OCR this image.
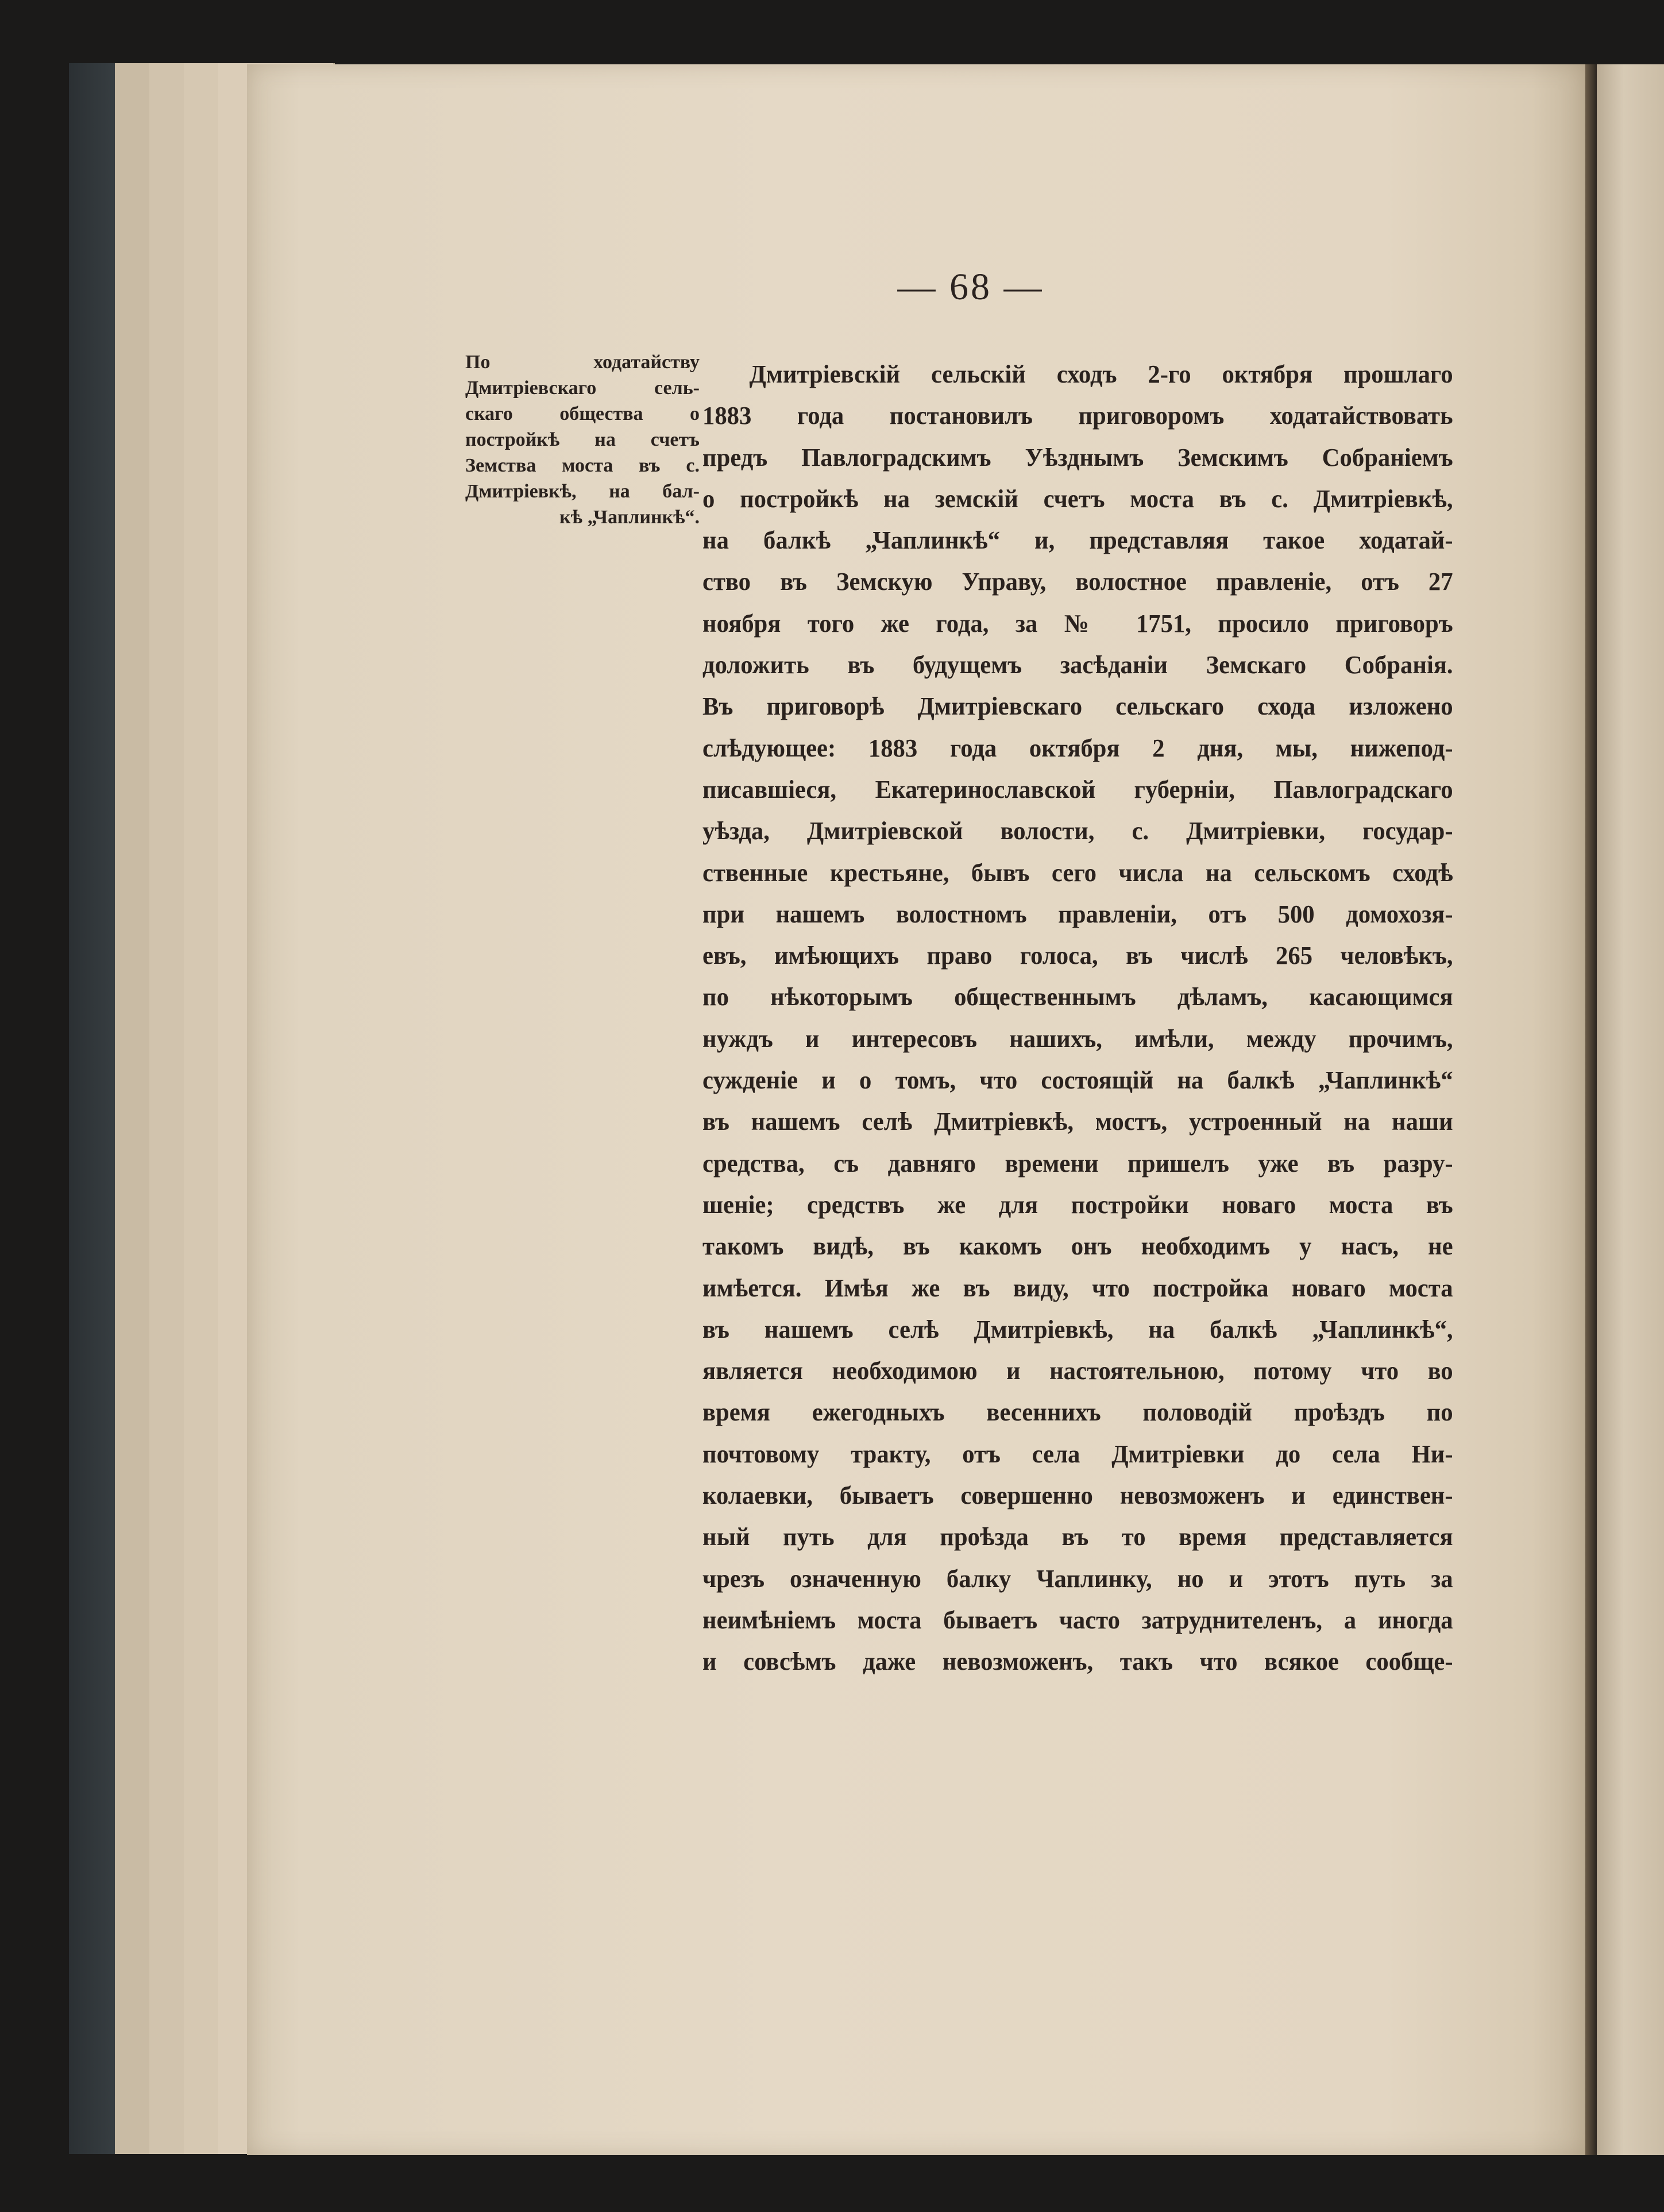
— 68 —
По ходатайству
Дмитріевскаго сель-
скаго общества о
постройкѣ на счетъ
Земства моста въ с.
Дмитріевкѣ, на бал-
кѣ „Чаплинкѣ“.
Дмитріевскій сельскій сходъ 2-го октября прошлаго
1883 года постановилъ приговоромъ ходатайствовать
предъ Павлоградскимъ Уѣзднымъ Земскимъ Собраніемъ
о постройкѣ на земскій счетъ моста въ с. Дмитріевкѣ,
на балкѣ „Чаплинкѣ“ и, представляя такое ходатай-
ство въ Земскую Управу, волостное правленіе, отъ 27
ноября того же года, за № 1751, просило приговоръ
доложить въ будущемъ засѣданіи Земскаго Собранія.
Въ приговорѣ Дмитріевскаго сельскаго схода изложено
слѣдующее: 1883 года октября 2 дня, мы, нижепод-
писавшіеся, Екатеринославской губерніи, Павлоградскаго
уѣзда, Дмитріевской волости, с. Дмитріевки, государ-
ственные крестьяне, бывъ сего числа на сельскомъ сходѣ
при нашемъ волостномъ правленіи, отъ 500 домохозя-
евъ, имѣющихъ право голоса, въ числѣ 265 человѣкъ,
по нѣкоторымъ общественнымъ дѣламъ, касающимся
нуждъ и интересовъ нашихъ, имѣли, между прочимъ,
сужденіе и о томъ, что состоящій на балкѣ „Чаплинкѣ“
въ нашемъ селѣ Дмитріевкѣ, мостъ, устроенный на наши
средства, съ давняго времени пришелъ уже въ разру-
шеніе; средствъ же для постройки новаго моста въ
такомъ видѣ, въ какомъ онъ необходимъ у насъ, не
имѣется. Имѣя же въ виду, что постройка новаго моста
въ нашемъ селѣ Дмитріевкѣ, на балкѣ „Чаплинкѣ“,
является необходимою и настоятельною, потому что во
время ежегодныхъ весеннихъ половодій проѣздъ по
почтовому тракту, отъ села Дмитріевки до села Ни-
колаевки, бываетъ совершенно невозможенъ и единствен-
ный путь для проѣзда въ то время представляется
чрезъ означенную балку Чаплинку, но и этотъ путь за
неимѣніемъ моста бываетъ часто затруднителенъ, а иногда
и совсѣмъ даже невозможенъ, такъ что всякое сообще-
